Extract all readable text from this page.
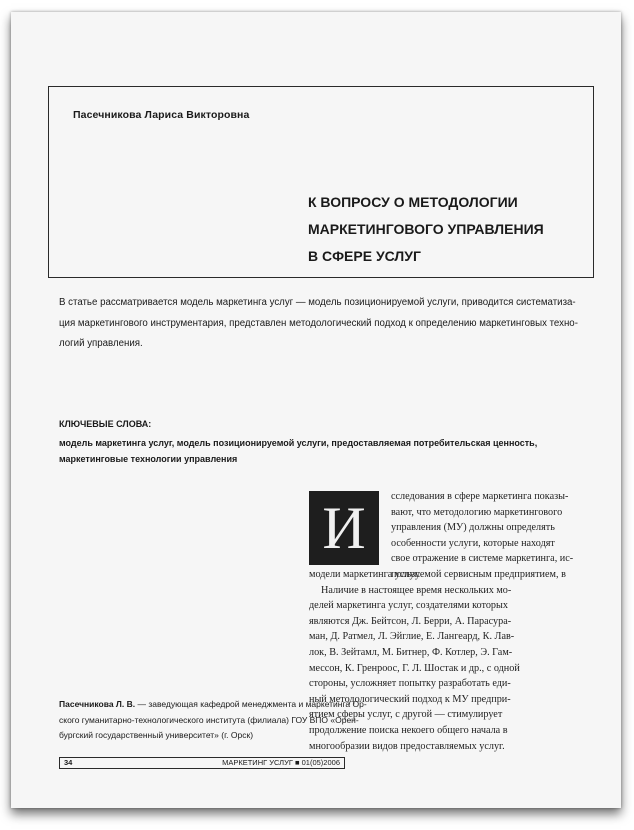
Пасечникова Лариса Викторовна
К ВОПРОСУ О МЕТОДОЛОГИИ
МАРКЕТИНГОВОГО УПРАВЛЕНИЯ
В СФЕРЕ УСЛУГ
В статье рассматривается модель маркетинга услуг — модель позиционируемой услуги, приводится систематиза-
ция маркетингового инструментария, представлен методологический подход к определению маркетинговых техно-
логий управления.
КЛЮЧЕВЫЕ СЛОВА:
модель маркетинга услуг, модель позиционируемой услуги, предоставляемая потребительская ценность,
маркетинговые технологии управления
И	сследования в сфере маркетинга показы-
вают, что методологию маркетингового
управления (МУ) должны определять
особенности услуги, которые находят
свое отражение в системе маркетинга, ис-
пользуемой сервисным предприятием, в
модели маркетинга услуг.
Наличие в настоящее время нескольких мо-
делей маркетинга услуг, создателями которых
являются Дж. Бейтсон, Л. Берри, А. Парасура-
ман, Д. Ратмел, Л. Эйглие, Е. Лангеард, К. Лав-
лок, В. Зейтамл, М. Битнер, Ф. Котлер, Э. Гам-
мессон, К. Гренроос, Г. Л. Шостак и др., с одной
стороны, усложняет попытку разработать еди-
ный методологический подход к МУ предпри-
ятием сферы услуг, с другой — стимулирует
продолжение поиска некоего общего начала в
многообразии видов предоставляемых услуг.
Пасечникова Л. В. — заведующая кафедрой менеджмента и маркетинга Ор-
ского гуманитарно-технологического института (филиала) ГОУ ВПО «Орен-
бургский государственный университет» (г. Орск)
34	МАРКЕТИНГ УСЛУГ ■ 01(05)2006
